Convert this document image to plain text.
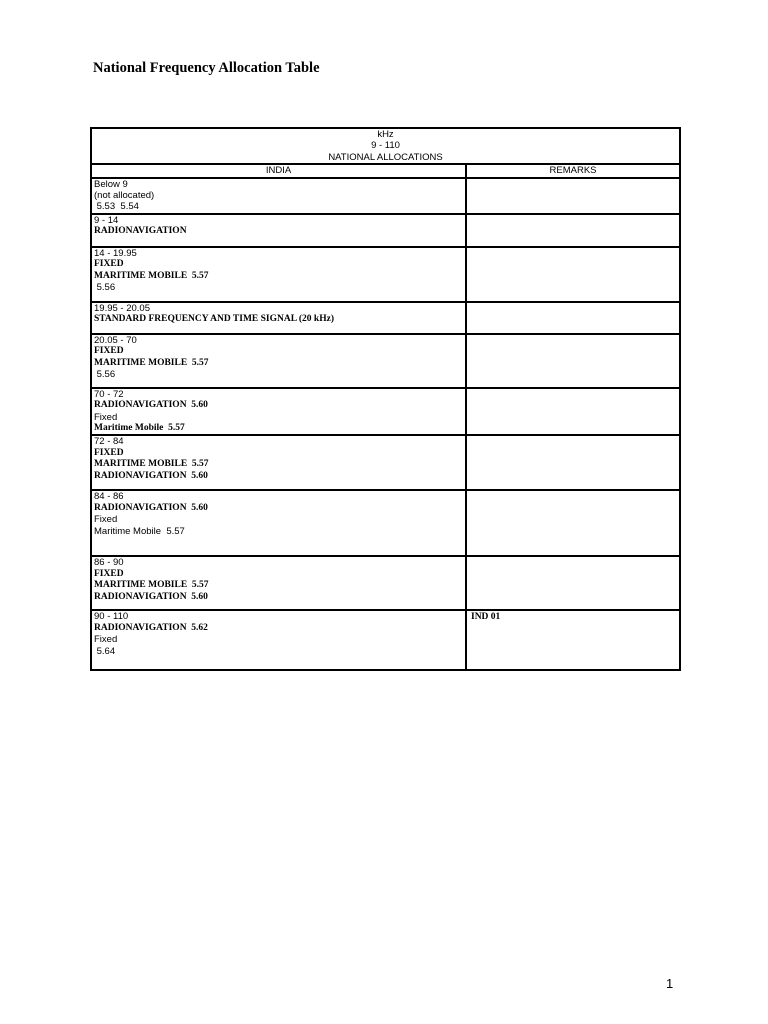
National Frequency Allocation Table
kHz
9 - 110
NATIONAL ALLOCATIONS	

INDIA	REMARKS

Below 9
(not allocated)
5.53  5.54	

9 - 14
RADIONAVIGATION	

14 - 19.95
FIXED
MARITIME MOBILE  5.57
5.56	

19.95 - 20.05
STANDARD FREQUENCY AND TIME SIGNAL (20 kHz)	

20.05 - 70
FIXED
MARITIME MOBILE  5.57
5.56	

70 - 72
RADIONAVIGATION  5.60
Fixed
Maritime Mobile  5.57	

72 - 84
FIXED
MARITIME MOBILE  5.57
RADIONAVIGATION  5.60	

84 - 86
RADIONAVIGATION  5.60
Fixed
Maritime Mobile  5.57	

86 - 90
FIXED
MARITIME MOBILE  5.57
RADIONAVIGATION  5.60	

90 - 110
RADIONAVIGATION  5.62
Fixed
5.64	IND 01
1
